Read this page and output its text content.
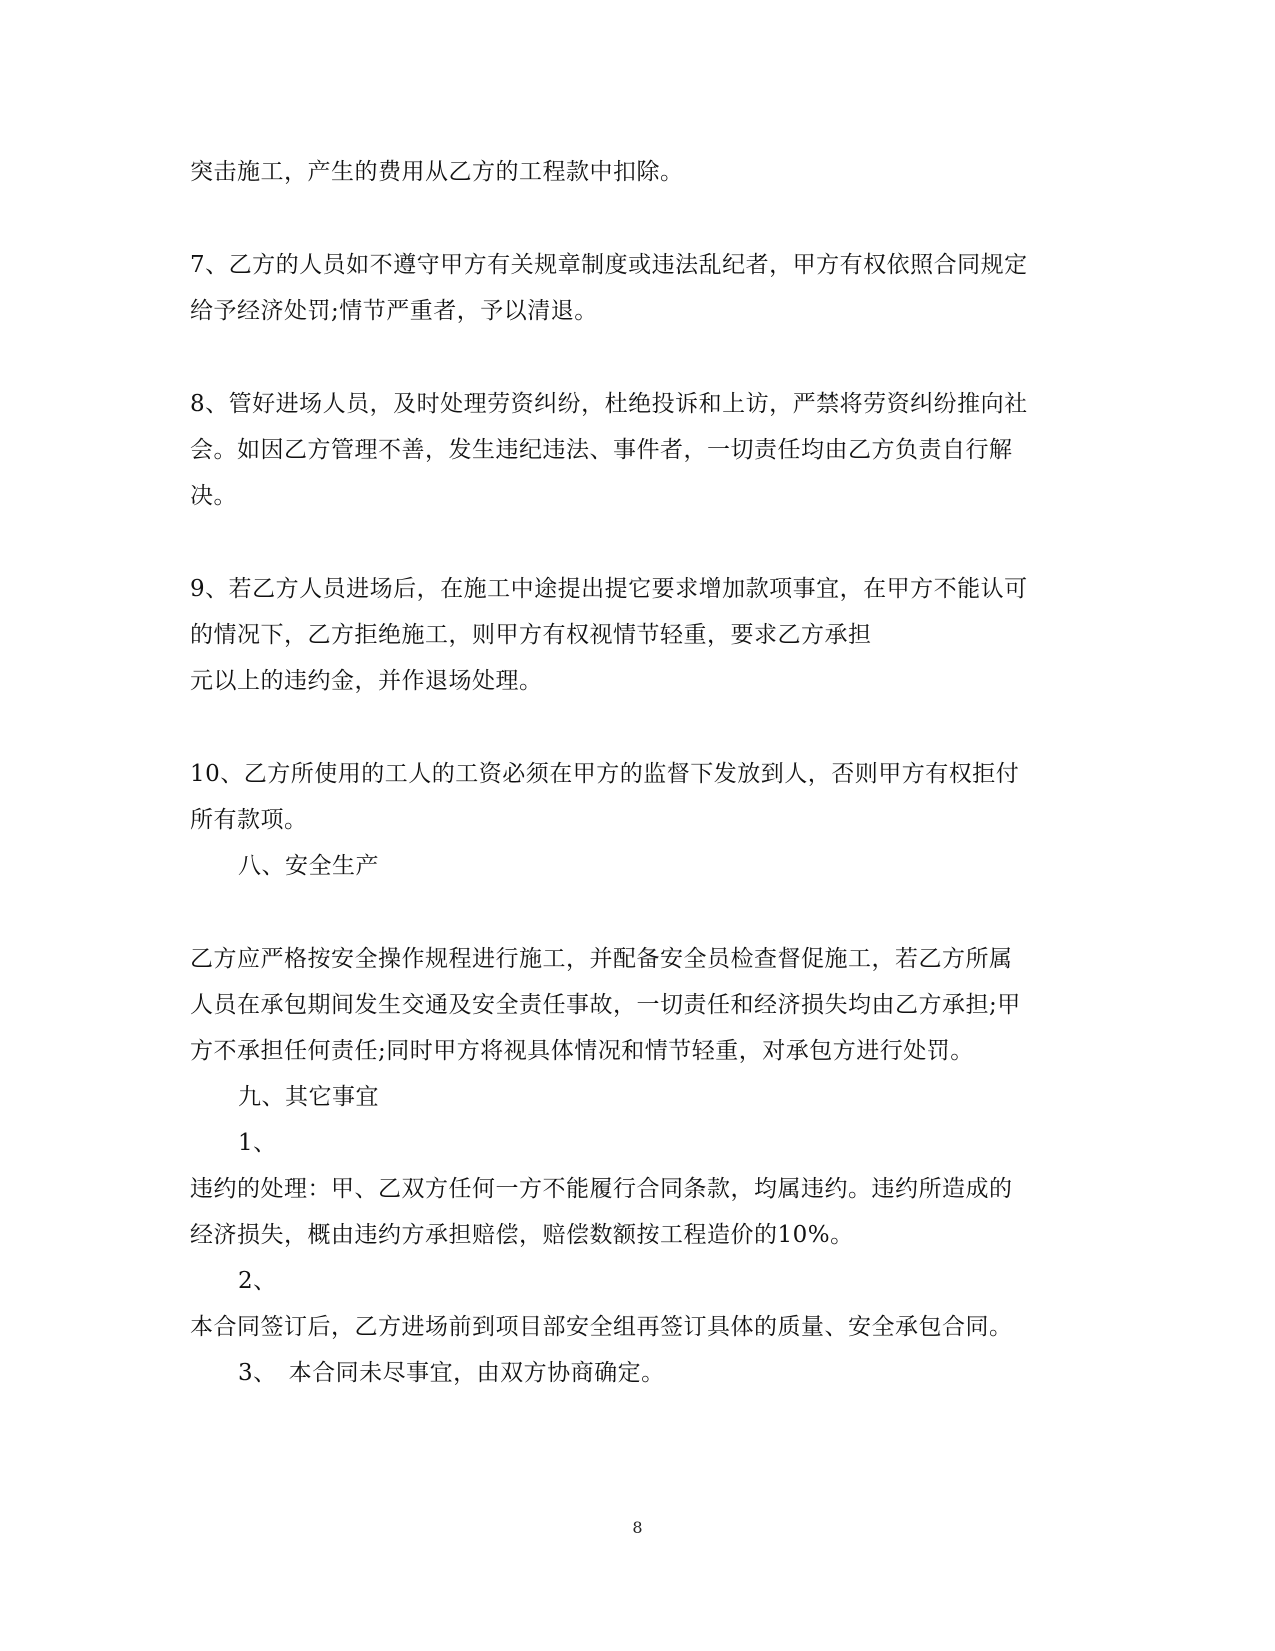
突击施工，产生的费用从乙方的工程款中扣除。
7、乙方的人员如不遵守甲方有关规章制度或违法乱纪者，甲方有权依照合同规定
给予经济处罚;情节严重者，予以清退。
8、管好进场人员，及时处理劳资纠纷，杜绝投诉和上访，严禁将劳资纠纷推向社
会。如因乙方管理不善，发生违纪违法、事件者，一切责任均由乙方负责自行解
决。
9、若乙方人员进场后，在施工中途提出提它要求增加款项事宜，在甲方不能认可
的情况下，乙方拒绝施工，则甲方有权视情节轻重，要求乙方承担
元以上的违约金，并作退场处理。
10、乙方所使用的工人的工资必须在甲方的监督下发放到人，否则甲方有权拒付
所有款项。
八、安全生产
乙方应严格按安全操作规程进行施工，并配备安全员检查督促施工，若乙方所属
人员在承包期间发生交通及安全责任事故，一切责任和经济损失均由乙方承担;甲
方不承担任何责任;同时甲方将视具体情况和情节轻重，对承包方进行处罚。
九、其它事宜
1、
违约的处理：甲、乙双方任何一方不能履行合同条款，均属违约。违约所造成的
经济损失，概由违约方承担赔偿，赔偿数额按工程造价的10%。
2、
本合同签订后，乙方进场前到项目部安全组再签订具体的质量、安全承包合同。
3、　本合同未尽事宜，由双方协商确定。
8
